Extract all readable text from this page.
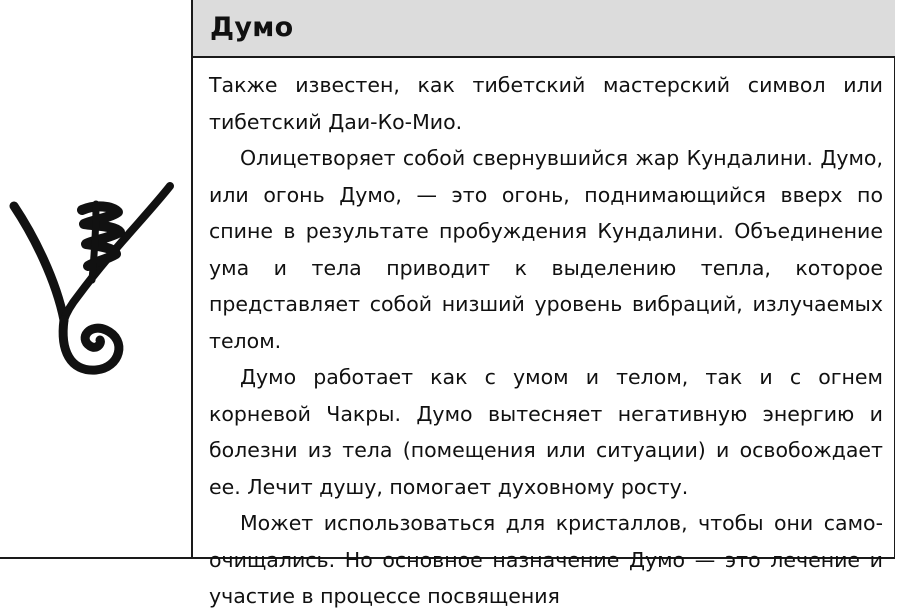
Думо

Также известен, как тибетский мастерский символ или тибетский Даи-Ко-Мио.

Олицетворяет собой свернувшийся жар Кундалини. Думо, или огонь Думо, — это огонь, поднимающийся вверх по спине в результате пробуждения Кундалини. Объединение ума и тела приводит к выделению тепла, которое представляет собой низший уровень вибраций, излучаемых телом.

Думо работает как с умом и телом, так и с огнем корневой Чакры. Думо вытесняет негативную энергию и болезни из тела (помещения или ситуации) и освобождает ее. Лечит душу, помогает духовному росту.

Может использоваться для кристаллов, чтобы они самоочищались. Но основное назначение Думо — это лечение и участие в процессе посвящения
